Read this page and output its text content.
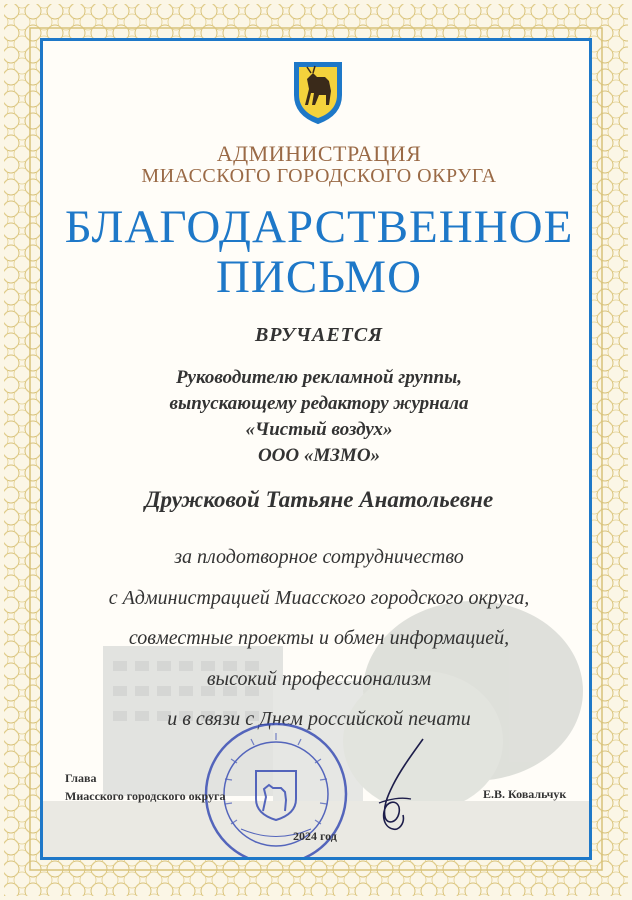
АДМИНИСТРАЦИЯ
МИАССКОГО ГОРОДСКОГО ОКРУГА
БЛАГОДАРСТВЕННОЕ
ПИСЬМО
ВРУЧАЕТСЯ
Руководителю рекламной группы,
выпускающему редактору журнала
«Чистый воздух»
ООО «МЗМО»
Дружковой Татьяне Анатольевне
за плодотворное сотрудничество
с Администрацией Миасского городского округа,
совместные проекты и обмен информацией,
высокий профессионализм
и в связи с Днем российской печати
Глава
Миасского городского округа	Е.В. Ковальчук
2024 год
